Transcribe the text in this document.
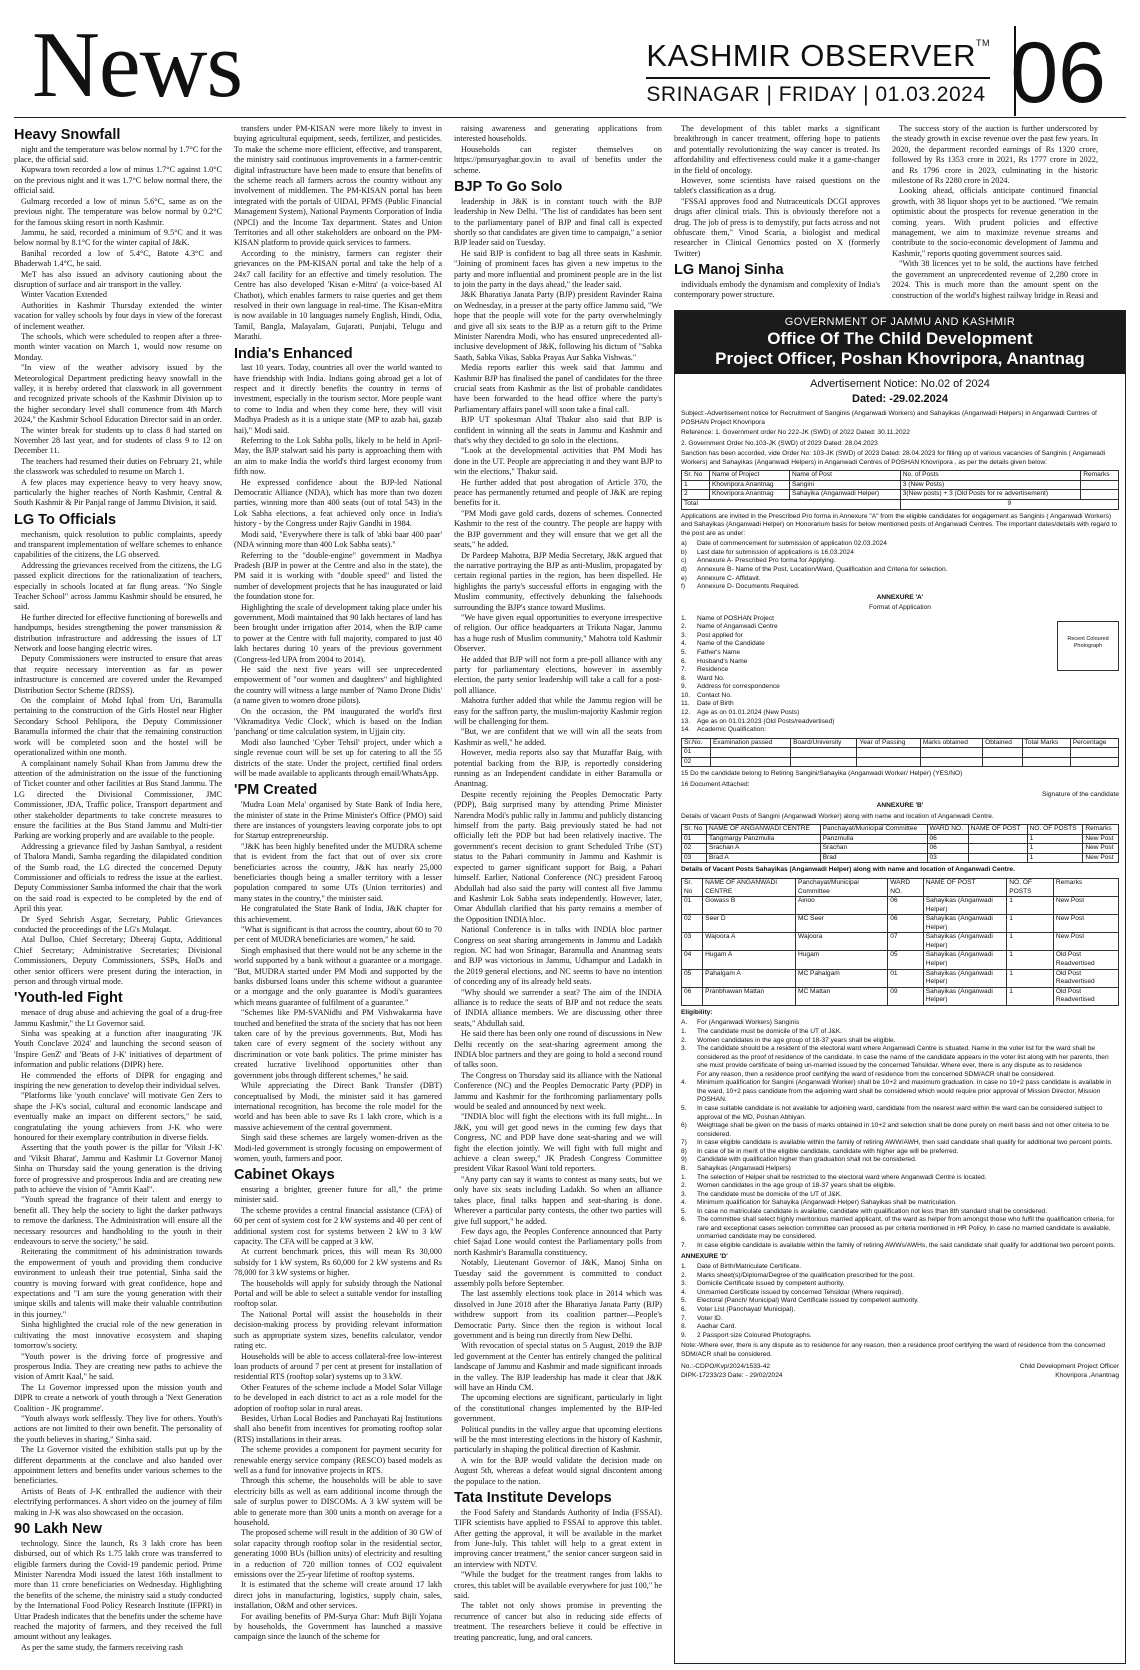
News	KASHMIR OBSERVER™
SRINAGAR | FRIDAY | 01.03.2024 06
Heavy Snowfall

night and the temperature was below normal by 1.7°C for the place, the official said.

Kupwara town recorded a low of minus 1.7°C against 1.0°C on the previous night and it was 1.7°C below normal there, the official said.

Gulmarg recorded a low of minus 5.6°C, same as on the previous night. The temperature was below normal by 0.2°C for the famous skiing resort in north Kashmir.

Jammu, he said, recorded a minimum of 9.5°C and it was below normal by 8.1°C for the winter capital of J&K.

Banihal recorded a low of 5.4°C, Batote 4.3°C and Bhaderwah 1.4°C, he said.

MeT has also issued an advisory cautioning about the disruption of surface and air transport in the valley.

Winter Vacation Extended

Authorities in Kashmir Thursday extended the winter vacation for valley schools by four days in view of the forecast of inclement weather.

The schools, which were scheduled to reopen after a three-month winter vacation on March 1, would now resume on Monday.

"In view of the weather advisory issued by the Meteorological Department predicting heavy snowfall in the valley, it is hereby ordered that classwork in all government and recognized private schools of the Kashmir Division up to the higher secondary level shall commence from 4th March 2024," the Kashmir School Education Director said in an order.

The winter break for students up to class 8 had started on November 28 last year, and for students of class 9 to 12 on December 11.

The teachers had resumed their duties on February 21, while the classwork was scheduled to resume on March 1.

A few places may experience heavy to very heavy snow, particularly the higher reaches of North Kashmir, Central & South Kashmir & Pir Panjal range of Jammu Division, it said.

LG To Officials

mechanism, quick resolution to public complaints, speedy and transparent implementation of welfare schemes to enhance capabilities of the citizens, the LG observed.

Addressing the grievances received from the citizens, the LG passed explicit directions for the rationalization of teachers, especially in schools located at far flung areas. "No Single Teacher School" across Jammu Kashmir should be ensured, he said.

He further directed for effective functioning of borewells and handpumps, besides strengthening the power transmission & distribution infrastructure and addressing the issues of LT Network and loose hanging electric wires.

Deputy Commissioners were instructed to ensure that areas that require necessary intervention as far as power infrastructure is concerned are covered under the Revamped Distribution Sector Scheme (RDSS).

On the complaint of Mohd Iqbal from Uri, Baramulla pertaining to the construction of the Girls Hostel near Higher Secondary School Pehlipora, the Deputy Commissioner Baramulla informed the chair that the remaining construction work will be completed soon and the hostel will be operationalized within one month.

A complainant namely Sohail Khan from Jammu drew the attention of the administration on the issue of the functioning of Ticket counter and other facilities at Bus Stand Jammu. The LG directed the Divisional Commissioner, JMC Commissioner, JDA, Traffic police, Transport department and other stakeholder departments to take concrete measures to ensure the facilities at the Bus Stand Jammu and Multi-tier Parking are working properly and are available to the people.

Addressing a grievance filed by Jashan Sambyal, a resident of Thalora Mandi, Samba regarding the dilapidated condition of the Sumb road, the LG directed the concerned Deputy Commissioner and officials to redress the issue at the earliest. Deputy Commissioner Samba informed the chair that the work on the said road is expected to be completed by the end of April this year.

Dr Syed Sehrish Asgar, Secretary, Public Grievances conducted the proceedings of the LG's Mulaqat.

Atal Dulloo, Chief Secretary; Dheeraj Gupta, Additional Chief Secretary; Administrative Secretaries; Divisional Commissioners, Deputy Commissioners, SSPs, HoDs and other senior officers were present during the interaction, in person and through virtual mode.

'Youth-led Fight

menace of drug abuse and achieving the goal of a drug-free Jammu Kashmir," the Lt Governor said.

Sinha was speaking at a function after inaugurating 'JK Youth Conclave 2024' and launching the second season of 'Inspire GenZ' and 'Beats of J-K' initiatives of department of information and public relations (DIPR) here.

He commended the efforts of DIPR for engaging and inspiring the new generation to develop their individual selves.

"Platforms like 'youth conclave' will motivate Gen Zers to shape the J-K's social, cultural and economic landscape and eventually make an impact on different sectors," he said, congratulating the young achievers from J-K who were honoured for their exemplary contribution in diverse fields.

Asserting that the youth power is the pillar for 'Viksit J-K' and 'Viksit Bharat', Jammu and Kashmir Lt Governor Manoj Sinha on Thursday said the young generation is the driving force of progressive and prosperous India and are creating new path to achieve the vision of "Amrit Kaal".

"Youth spread the fragrance of their talent and energy to benefit all. They help the society to light the darker pathways to remove the darkness. The Administration will ensure all the necessary resources and handholding to the youth in their endeavours to serve the society," he said.

Reiterating the commitment of his administration towards the empowerment of youth and providing them conducive environment to unleash their true potential, Sinha said the country is moving forward with great confidence, hope and expectations and "I am sure the young generation with their unique skills and talents will make their valuable contribution in this journey."

Sinha highlighted the crucial role of the new generation in cultivating the most innovative ecosystem and shaping tomorrow's society.

"Youth power is the driving force of progressive and prosperous India. They are creating new paths to achieve the vision of Amrit Kaal," he said.

The Lt Governor impressed upon the mission youth and DIPR to create a network of youth through a 'Next Generation Coalition - JK programme'.

"Youth always work selflessly. They live for others. Youth's actions are not limited to their own benefit. The personality of the youth believes in sharing," Sinha said.

The Lt Governor visited the exhibition stalls put up by the different departments at the conclave and also handed over appointment letters and benefits under various schemes to the beneficiaries.

Artists of Beats of J-K enthralled the audience with their electrifying performances. A short video on the journey of film making in J-K was also showcased on the occasion.

90 Lakh New

technology. Since the launch, Rs 3 lakh crore has been disbursed, out of which Rs 1.75 lakh crore was transferred to eligible farmers during the Covid-19 pandemic period. Prime Minister Narendra Modi issued the latest 16th installment to more than 11 crore beneficiaries on Wednesday. Highlighting the benefits of the scheme, the ministry said a study conducted by the International Food Policy Research Institute (IFPRI) in Uttar Pradesh indicates that the benefits under the scheme have reached the majority of farmers, and they received the full amount without any leakages.

As per the same study, the farmers receiving cash

transfers under PM-KISAN were more likely to invest in buying agricultural equipment, seeds, fertilizer, and pesticides. To make the scheme more efficient, effective, and transparent, the ministry said continuous improvements in a farmer-centric digital infrastructure have been made to ensure that benefits of the scheme reach all farmers across the country without any involvement of middlemen. The PM-KISAN portal has been integrated with the portals of UIDAI, PFMS (Public Financial Management System), National Payments Corporation of India (NPCI) and the Income Tax department. States and Union Territories and all other stakeholders are onboard on the PM-KISAN platform to provide quick services to farmers.

According to the ministry, farmers can register their grievances on the PM-KISAN portal and take the help of a 24x7 call facility for an effective and timely resolution. The Centre has also developed 'Kisan e-Mitra' (a voice-based AI Chatbot), which enables farmers to raise queries and get them resolved in their own language in real-time. The Kisan-eMitra is now available in 10 languages namely English, Hindi, Odia, Tamil, Bangla, Malayalam, Gujarati, Punjabi, Telugu and Marathi.

India's Enhanced

last 10 years. Today, countries all over the world wanted to have friendship with India. Indians going abroad get a lot of respect and it directly benefits the country in terms of investment, especially in the tourism sector. More people want to come to India and when they come here, they will visit Madhya Pradesh as it is a unique state (MP to azab hai, gazab hai)," Modi said.

Referring to the Lok Sabha polls, likely to be held in April-May, the BJP stalwart said his party is approaching them with an aim to make India the world's third largest economy from fifth now.

He expressed confidence about the BJP-led National Democratic Alliance (NDA), which has more than two dozen parties, winning more than 400 seats (out of total 543) in the Lok Sabha elections, a feat achieved only once in India's history - by the Congress under Rajiv Gandhi in 1984.

Modi said, "Everywhere there is talk of 'abki baar 400 paar' (NDA winning more than 400 Lok Sabha seats)."

Referring to the "double-engine" government in Madhya Pradesh (BJP in power at the Centre and also in the state), the PM said it is working with "double speed" and listed the number of development projects that he has inaugurated or laid the foundation stone for.

Highlighting the scale of development taking place under his government, Modi maintained that 90 lakh hectares of land has been brought under irrigation after 2014, when the BJP came to power at the Centre with full majority, compared to just 40 lakh hectares during 10 years of the previous government (Congress-led UPA from 2004 to 2014).

He said the next five years will see unprecedented empowerment of "our women and daughters" and highlighted the country will witness a large number of 'Namo Drone Didis' (a name given to women drone pilots).

On the occasion, the PM inaugurated the world's first 'Vikramaditya Vedic Clock', which is based on the Indian 'panchang' or time calculation system, in Ujjain city.

Modi also launched 'Cyber Tehsil' project, under which a single revenue court will be set up for catering to all the 55 districts of the state. Under the project, certified final orders will be made available to applicants through email/WhatsApp.

'PM Created

'Mudra Loan Mela' organised by State Bank of India here, the minister of state in the Prime Minister's Office (PMO) said there are instances of youngsters leaving corporate jobs to opt for Startup entrepreneurship.

"J&K has been highly benefited under the MUDRA scheme that is evident from the fact that out of over six crore beneficiaries across the country, J&K has nearly 25,000 beneficiaries though being a smaller territory with a lesser population compared to some UTs (Union territories) and many states in the country," the minister said.

He congratulated the State Bank of India, J&K chapter for this achievement.

"What is significant is that across the country, about 60 to 70 per cent of MUDRA beneficiaries are women," he said.

Singh emphasised that there would not be any scheme in the world supported by a bank without a guarantee or a mortgage. "But, MUDRA started under PM Modi and supported by the banks disbursed loans under this scheme without a guarantee or a mortgage and the only guarantee is Modi's guarantees which means guarantee of fulfilment of a guarantee."

"Schemes like PM-SVANidhi and PM Vishwakarma have touched and benefited the strata of the society that has not been taken care of by the previous governments. But, Modi has taken care of every segment of the society without any discrimination or vote bank politics. The prime minister has created lucrative livelihood opportunities other than government jobs through different schemes," he said.

While appreciating the Direct Bank Transfer (DBT) conceptualised by Modi, the minister said it has garnered international recognition, has become the role model for the world and has been able to save Rs 1 lakh crore, which is a massive achievement of the central government.

Singh said these schemes are largely women-driven as the Modi-led government is strongly focusing on empowerment of women, youth, farmers and poor.

Cabinet Okays

ensuring a brighter, greener future for all," the prime minister said.

The scheme provides a central financial assistance (CFA) of 60 per cent of system cost for 2 kW systems and 40 per cent of additional system cost for systems between 2 kW to 3 kW capacity. The CFA will be capped at 3 kW.

At current benchmark prices, this will mean Rs 30,000 subsidy for 1 kW system, Rs 60,000 for 2 kW systems and Rs 78,000 for 3 kW systems or higher.

The households will apply for subsidy through the National Portal and will be able to select a suitable vendor for installing rooftop solar.

The National Portal will assist the households in their decision-making process by providing relevant information such as appropriate system sizes, benefits calculator, vendor rating etc.

Households will be able to access collateral-free low-interest loan products of around 7 per cent at present for installation of residential RTS (rooftop solar) systems up to 3 kW.

Other Features of the scheme include a Model Solar Village to be developed in each district to act as a role model for the adoption of rooftop solar in rural areas.

Besides, Urban Local Bodies and Panchayati Raj Institutions shall also benefit from incentives for promoting rooftop solar (RTS) installations in their areas.

The scheme provides a component for payment security for renewable energy service company (RESCO) based models as well as a fund for innovative projects in RTS.

Through this scheme, the households will be able to save electricity bills as well as earn additional income through the sale of surplus power to DISCOMs. A 3 kW system will be able to generate more than 300 units a month on average for a household.

The proposed scheme will result in the addition of 30 GW of solar capacity through rooftop solar in the residential sector, generating 1000 BUs (billion units) of electricity and resulting in a reduction of 720 million tonnes of CO2 equivalent emissions over the 25-year lifetime of rooftop systems.

It is estimated that the scheme will create around 17 lakh direct jobs in manufacturing, logistics, supply chain, sales, installation, O&M and other services.

For availing benefits of PM-Surya Ghar: Muft Bijli Yojana by households, the Government has launched a massive campaign since the launch of the scheme for

raising awareness and generating applications from interested households.

Households can register themselves on https://pmsuryaghar.gov.in to avail of benefits under the scheme.

BJP To Go Solo

leadership in J&K is in constant touch with the BJP leadership in New Delhi. "The list of candidates has been sent to the parliamentary panel of BJP and final call is expected shortly so that candidates are given time to campaign," a senior BJP leader said on Tuesday.

He said BJP is confident to bag all three seats in Kashmir. "Joining of prominent faces has given a new impetus to the party and more influential and prominent people are in the list to join the party in the days ahead," the leader said.

J&K Bharatiya Janata Party (BJP) president Ravinder Raina on Wednesday, in a presser at the party office Jammu said, "We hope that the people will vote for the party overwhelmingly and give all six seats to the BJP as a return gift to the Prime Minister Narendra Modi, who has ensured unprecedented all-inclusive development of J&K, following his dictum of "Sabka Saath, Sabka Vikas, Sabka Prayas Aur Sabka Vishwas."

Media reports earlier this week said that Jammu and Kashmir BJP has finalised the panel of candidates for the three crucial seats from Kashmir as the list of probable candidates have been forwarded to the head office where the party's Parliamentary affairs panel will soon take a final call.

BJP UT spokesman Altaf Thakur also said that BJP is confident in winning all the seats in Jammu and Kashmir and that's why they decided to go solo in the elections.

"Look at the developmental activities that PM Modi has done in the UT. People are appreciating it and they want BJP to win the elections," Thakur said.

He further added that post abrogation of Article 370, the peace has permanently returned and people of J&K are reping benefits for it.

"PM Modi gave gold cards, dozens of schemes. Connected Kashmir to the rest of the country. The people are happy with the BJP government and they will ensure that we get all the seats," he added.

Dr Pardeep Mahotra, BJP Media Secretary, J&K argued that the narrative portraying the BJP as anti-Muslim, propagated by certain regional parties in the region, has been dispelled. He highlights the party's successful efforts in engaging with the Muslim community, effectively debunking the falsehoods surrounding the BJP's stance toward Muslims.

"We have given equal opportunities to everyone irrespective of religion. Our office headquarters at Trikuta Nagar, Jammu has a huge rush of Muslim community," Mahotra told Kashmir Observer.

He added that BJP will not form a pre-poll alliance with any party for parliamentary elections, however in assembly election, the party senior leadership will take a call for a post-poll alliance.

Mahotra further added that while the Jammu region will be easy for the saffron party, the muslim-majority Kashmir region will be challenging for them.

"But, we are confident that we will win all the seats from Kashmir as well," he added.

However, media reports also say that Muzaffar Baig, with potential backing from the BJP, is reportedly considering running as an Independent candidate in either Baramulla or Anantnag.

Despite recently rejoining the Peoples Democratic Party (PDP), Baig surprised many by attending Prime Minister Narendra Modi's public rally in Jammu and publicly distancing himself from the party. Baig previously stated he had not officially left the PDP but had been relatively inactive. The government's recent decision to grant Scheduled Tribe (ST) status to the Pahari community in Jammu and Kashmir is expected to garner significant support for Baig, a Pahari himself. Earlier, National Conference (NC) president Farooq Abdullah had also said the party will contest all five Jammu and Kashmir Lok Sabha seats independently. However, later, Omar Abdullah clarified that his party remains a member of the Opposition INDIA bloc.

National Conference is in talks with INDIA bloc partner Congress on seat sharing arrangements in Jammu and Ladakh region. NC had won Srinagar, Baramulla and Anantnag seats and BJP was victorious in Jammu, Udhampur and Ladakh in the 2019 general elections, and NC seems to have no intention of conceding any of its already held seats.

"Why should we surrender a seat? The aim of the INDIA alliance is to reduce the seats of BJP and not reduce the seats of INDIA alliance members. We are discussing other three seats," Abdullah said.

He said there has been only one round of discussions in New Delhi recently on the seat-sharing agreement among the INDIA bloc partners and they are going to hold a second round of talks soon.

The Congress on Thursday said its alliance with the National Conference (NC) and the Peoples Democratic Party (PDP) in Jammu and Kashmir for the forthcoming parliamentary polls would be sealed and announced by next week.

"INDIA bloc will fight the elections with its full might... In J&K, you will get good news in the coming few days that Congress, NC and PDP have done seat-sharing and we will fight the election jointly. We will fight with full might and achieve a clean sweep," JK Pradesh Congress Committee president Vikar Rasool Wani told reporters.

"Any party can say it wants to contest as many seats, but we only have six seats including Ladakh. So when an alliance takes place, final talks happen and seat-sharing is done. Wherever a particular party contests, the other two parties will give full support," he added.

Few days ago, the Peoples Conference announced that Party chief Sajad Lone would contest the Parliamentary polls from north Kashmir's Baramulla constituency.

Notably, Lieutenant Governor of J&K, Manoj Sinha on Tuesday said the government is committed to conduct assembly polls before September.

The last assembly elections took place in 2014 which was dissolved in June 2018 after the Bharatiya Janata Party (BJP) withdrew support from its coalition partner—People's Democratic Party. Since then the region is without local government and is being run directly from New Delhi.

With revocation of special status on 5 August, 2019 the BJP led government at the Center has entirely changed the political landscape of Jammu and Kashmir and made significant inroads in the valley. The BJP leadership has made it clear that J&K will have an Hindu CM.

The upcoming elections are significant, particularly in light of the constitutional changes implemented by the BJP-led government.

Political pundits in the valley argue that upcoming elections will be the most interesting elections in the history of Kashmir, particularly in shaping the political direction of Kashmir.

A win for the BJP would validate the decision made on August 5th, whereas a defeat would signal discontent among the populace to the nation.

Tata Institute Develops

the Food Safety and Standards Authority of India (FSSAI). TIFR scientists have applied to FSSAI to approve this tablet. After getting the approval, it will be available in the market from June-July. This tablet will help to a great extent in improving cancer treatment," the senior cancer surgeon said in an interview with NDTV.

"While the budget for the treatment ranges from lakhs to crores, this tablet will be available everywhere for just 100," he said.

The tablet not only shows promise in preventing the recurrence of cancer but also in reducing side effects of treatment. The researchers believe it could be effective in treating pancreatic, lung, and oral cancers.

The development of this tablet marks a significant breakthrough in cancer treatment, offering hope to patients and potentially revolutionizing the way cancer is treated. Its affordability and effectiveness could make it a game-changer in the field of oncology.

However, some scientists have raised questions on the tablet's classification as a drug.

"FSSAI approves food and Nutraceuticals DCGI approves drugs after clinical trials. This is obviously therefore not a drug. The job of press is to demystify, put facts across and not obfuscate them," Vinod Scaria, a biologist and medical researcher in Clinical Genomics posted on X (formerly Twitter)

LG Manoj Sinha

individuals embody the dynamism and complexity of India's contemporary power structure.

The success story of the auction is further underscored by the steady growth in excise revenue over the past few years. In 2020, the department recorded earnings of Rs 1320 crore, followed by Rs 1353 crore in 2021, Rs 1777 crore in 2022, and Rs 1796 crore in 2023, culminating in the historic milestone of Rs 2280 crore in 2024.

Looking ahead, officials anticipate continued financial growth, with 38 liquor shops yet to be auctioned. "We remain optimistic about the prospects for revenue generation in the coming years. With prudent policies and effective management, we aim to maximize revenue streams and contribute to the socio-economic development of Jammu and Kashmir," reports quoting government sources said.

"With 38 licences yet to be sold, the auctions have fetched the government an unprecedented revenue of 2,280 crore in 2024. This is much more than the amount spent on the construction of the world's highest railway bridge in Reasi and

GOVERNMENT OF JAMMU AND KASHMIR
Office Of The Child Development
Project Officer, Poshan Khovripora, Anantnag
Advertisement Notice: No.02 of 2024
Dated: -29.02.2024
Subject:-Advertisement notice for Recruitment of Sanginis (Anganwadi Workers) and Sahayikas (Anganwadi Helpers) in Anganwadi Centres of POSHAN Project Khovripora
Reference: 1. Government order No 222-JK (SWD) of 2022 Dated: 30.11.2022
2. Government Order No.103-JK (SWD) of 2023 Dated: 28.04.2023
Sanction has been accorded, vide Order No: 103-JK (SWD) of 2023 Dated: 28.04.2023 for filling up of various vacancies of Sanginis ( Anganwadi Workers) and Sahayikas (Anganwadi Helpers) in Anganwadi Centres of POSHAN Khovripora , as per the details given below:
Sr. No	Name of Project	Name of Post	No. of Posts	Remarks
1	Khovripora Anantnag	Sangini	3 (New Posts)	
2	Khovripora Anantnag	Sahayika (Anganwadi Helper)	3(New posts) + 3 (Old Posts for re advertisement)	
Total			9	
Applications are invited in the Prescribed Pro forma in Annexure "A" from the eligible candidates for engagement as Sanginis ( Anganwadi Workers) and Sahayikas (Anganwadi Helper) on Honorarium basis for below mentioned posts of Anganwadi Centres. The important dates/details with regard to the post are as under:
a)	Date of commencement for submission of application 02.03.2024
b)	Last date for submission of applications is 16.03.2024
c)	Annexure A- Prescribed Pro forma for Applying.
d)	Annexure B- Name of the Post, Location/Ward, Qualification and Criteria for selection.
e)	Annexure C- Affidavit.
f)	Annexure D- Documents Required.
ANNEXURE 'A'
Format of Application
1.	Name of POSHAN Project
2.	Name of Anganwadi Centre
3.	Post applied for
4.	Name of the Candidate
5.	Father's Name
6.	Husband's Name
7.	Residence
8.	Ward No.
9.	Address for correspondence
10.	Contact No.
11.	Date of Birth
12.	Age as on 01.01.2024 (New Posts)
13.	Age as on 01.01.2023 (Old Posts/readvertised)
14.	Academic Qualification:
Recent Coloured Photograph
Sr.No.	Examination passed	Board/University	Year of Passing	Marks obtained	Obtained	Total Marks	Percentage
01							
02							
15 Do the candidate belong to Retiring Sangini/Sahayika (Anganwadi Worker/ Helper) (YES/NO)
16 Document Attached:
Signature of the candidate
ANNEXURE 'B'
Details of Vacant Posts of Sangini (Anganwadi Worker) along with name and location of Anganwadi Centre.
Sr. No	NAME OF ANGANWADI CENTRE	Panchayat/Municipal Committee	WARD NO.	NAME OF POST	NO. OF POSTS	Remarks
01	Tangmargy Panzmulla	Panzmulla	06		1	New Post
02	Srachan A	Srachan	06		1	New Post
03	Brad A	Brad	03		1	New Post
Details of Vacant Posts Sahayikas (Anganwadi Helper) along with name and location of Anganwadi Centre.
Sr. No	NAME OF ANGANWADI CENTRE	Panchayat/Municipal Committee	WARD NO.	NAME OF POST	NO. OF POSTS	Remarks
01	Gowass B	Ainoo	06	Sahayikas (Anganwadi Helper)	1	New Post
02	Seer D	MC Seer	06	Sahayikas (Anganwadi Helper)	1	New Post
03	Wajoora A	Wajoora	07	Sahayikas (Anganwadi Helper)	1	New Post
04	Hugam A	Hugam	05	Sahayikas (Anganwadi Helper)	1	Old Post Readvertised
05	Pahalgam A	MC Pahalgam	01	Sahayikas (Anganwadi Helper)	1	Old Post Readvertised
06	Pranbhawan Mattan	MC Mattan	09	Sahayikas (Anganwadi Helper)	1	Old Post Readvertised
Eligibility:
A.	For (Anganwadi Workers) Sanginis
1.	The candidate must be domicile of the UT of J&K.
2.	Women candidates in the age group of 18-37 years shall be eligible.
3.	The candidate should be a resident of the electoral ward where Anganwadi Centre is situated. Name in the voter list for the ward shall be considered as the proof of residence of the candidate. In case the name of the candidate appears in the voter list along with her parents, then she must provide certificate of being un-married issued by the concerned Tehsildar. Where ever, there is any dispute as to residence
For any reason, then a residence proof certifying the ward of residence from the concerned SDM/ACR shall be considered.
4.	Minimum qualification for Sangini (Anganwadi Worker) shall be 10+2 and maximum graduation. In case no 10+2 pass candidate is available in the ward, 10+2 pass candidate from the adjoining ward shall be considered which would require prior approval of Mission Director, Mission POSHAN.
5.	In case suitable candidate is not available for adjoining ward, candidate from the nearest ward within the ward can be considered subject to approval of the MD, Poshan Abhiyan.
6)	Weightage shall be given on the basis of marks obtained in 10+2 and selection shall be done purely on merit basis and not other criteria to be considered.
7)	In case eligible candidate is available within the family of retiring AWW/AWH, then said candidate shall qualify for additional two percent points.
8)	In case of tie in merit of the eligible candidate, candidate with higher age will be preferred.
9)	Candidate with qualification higher than graduation shall not be considered.
B.	Sahayikas (Anganwadi Helpers)
1.	The selection of Helper shall be restricted to the electoral ward where Anganwadi Centre is located.
2.	Women candidates in the age group of 18-37 years shall be eligible.
3.	The candidate must be domicile of the UT of J&K.
4.	Minimum qualification for Sahayika (Anganwadi Helper) Sahayikas shall be matriculation.
5.	In case no matriculate candidate is available, candidate with qualification not less than 8th standard shall be considered.
6.	The committee shall select highly meritorious married applicant, of the ward as helper from amongst those who fulfil the qualification criteria, for rare and exceptional cases selection committee can proceed as per criteria mentioned in HR Policy. In case no married candidate is available, unmarried candidate may be considered.
7.	In case eligible candidate is available within the family of retiring AWWs/AWHs, the said candidate shall qualify for additional two percent points.
ANNEXURE 'D'
1.	Date of Birth/Matriculate Certificate.
2.	Marks sheet(s)/Diploma/Degree of the qualification prescribed for the post.
3.	Domicile Certificate issued by competent authority.
4.	Unmarried Certificate issued by concerned Tehsildar (Where required).
5.	Electoral (Panch/ Municipal) Ward Certificate issued by competent authority.
6.	Voter List (Panchayat/ Municipal).
7.	Voter ID.
8.	Aadhar Card.
9.	2 Passport size Coloured Photographs.
Note:-Where ever, there is any dispute as to residence for any reason, then a residence proof certifying the ward of residence from the concerned SDM/ACR shall be considered.
No.:-CDPO/Kvp/2024/1533-42
DIPK-17233/23 Date: - 29/02/2024
Child Development Project Officer
Khovripora ,Anantnag
